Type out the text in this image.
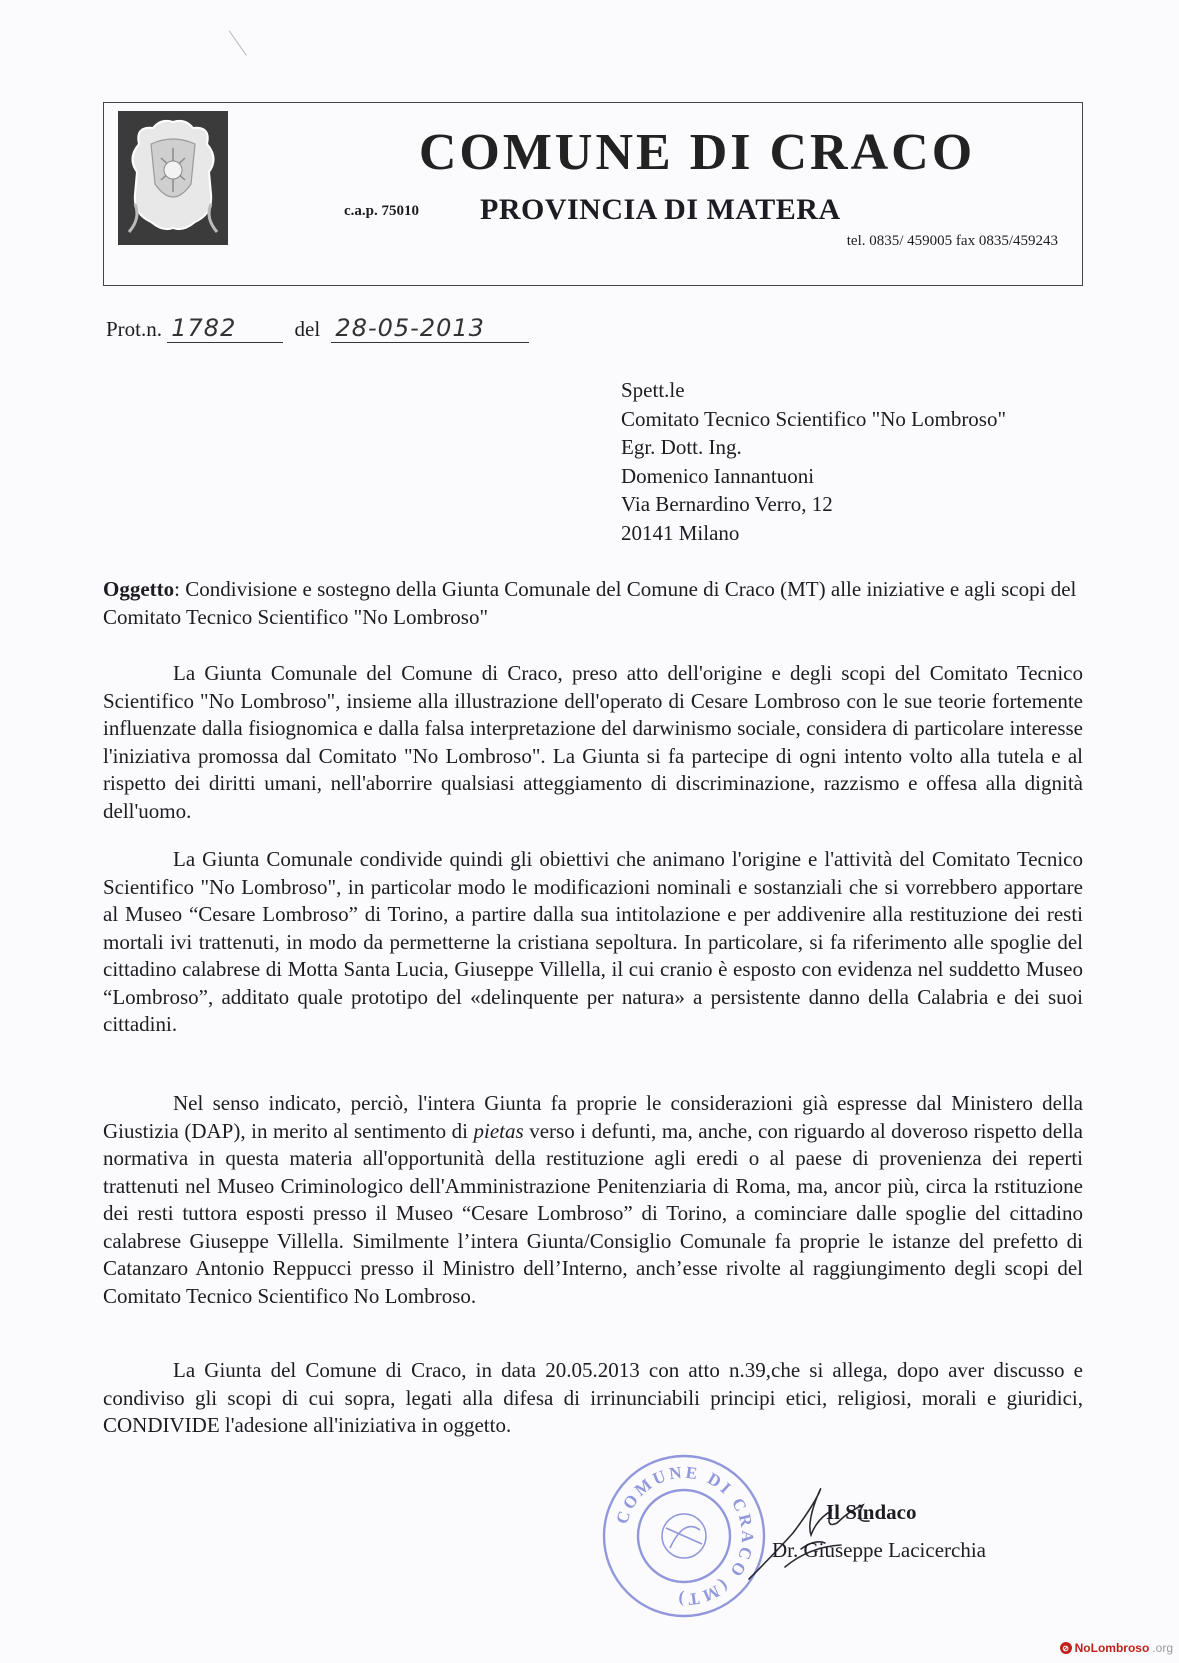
COMUNE DI CRACO
c.a.p. 75010 PROVINCIA DI MATERA
tel. 0835/ 459005 fax 0835/459243
Prot.n. 1782	del 28-05-2013
Spett.le
Comitato Tecnico Scientifico "No Lombroso"
Egr. Dott. Ing.
Domenico Iannantuoni
Via Bernardino Verro, 12
20141 Milano
Oggetto: Condivisione e sostegno della Giunta Comunale del Comune di Craco (MT) alle iniziative e agli scopi del Comitato Tecnico Scientifico "No Lombroso"
La Giunta Comunale del Comune di Craco, preso atto dell'origine e degli scopi del Comitato Tecnico Scientifico "No Lombroso", insieme alla illustrazione dell'operato di Cesare Lombroso con le sue teorie fortemente influenzate dalla fisiognomica e dalla falsa interpretazione del darwinismo sociale, considera di particolare interesse l'iniziativa promossa dal Comitato "No Lombroso". La Giunta si fa partecipe di ogni intento volto alla tutela e al rispetto dei diritti umani, nell'aborrire qualsiasi atteggiamento di discriminazione, razzismo e offesa alla dignità dell'uomo.
La Giunta Comunale condivide quindi gli obiettivi che animano l'origine e l'attività del Comitato Tecnico Scientifico "No Lombroso", in particolar modo le modificazioni nominali e sostanziali che si vorrebbero apportare al Museo “Cesare Lombroso” di Torino, a partire dalla sua intitolazione e per addivenire alla restituzione dei resti mortali ivi trattenuti, in modo da permetterne la cristiana sepoltura. In particolare, si fa riferimento alle spoglie del cittadino calabrese di Motta Santa Lucia, Giuseppe Villella, il cui cranio è esposto con evidenza nel suddetto Museo “Lombroso”, additato quale prototipo del «delinquente per natura» a persistente danno della Calabria e dei suoi cittadini.
Nel senso indicato, perciò, l'intera Giunta fa proprie le considerazioni già espresse dal Ministero della Giustizia (DAP), in merito al sentimento di pietas verso i defunti, ma, anche, con riguardo al doveroso rispetto della normativa in questa materia all'opportunità della restituzione agli eredi o al paese di provenienza dei reperti trattenuti nel Museo Criminologico dell'Amministrazione Penitenziaria di Roma, ma, ancor più, circa la rstituzione dei resti tuttora esposti presso il Museo “Cesare Lombroso” di Torino, a cominciare dalle spoglie del cittadino calabrese Giuseppe Villella. Similmente l’intera Giunta/Consiglio Comunale fa proprie le istanze del prefetto di Catanzaro Antonio Reppucci presso il Ministro dell’Interno, anch’esse rivolte al raggiungimento degli scopi del Comitato Tecnico Scientifico No Lombroso.
La Giunta del Comune di Craco, in data 20.05.2013 con atto n.39,che si allega, dopo aver discusso e condiviso gli scopi di cui sopra, legati alla difesa di irrinunciabili principi etici, religiosi, morali e giuridici, CONDIVIDE l'adesione all'iniziativa in oggetto.
COMUNE DI CRACO (MT)
Il Sindaco
Dr. Giuseppe Lacicerchia
⊘ NoLombroso .org
